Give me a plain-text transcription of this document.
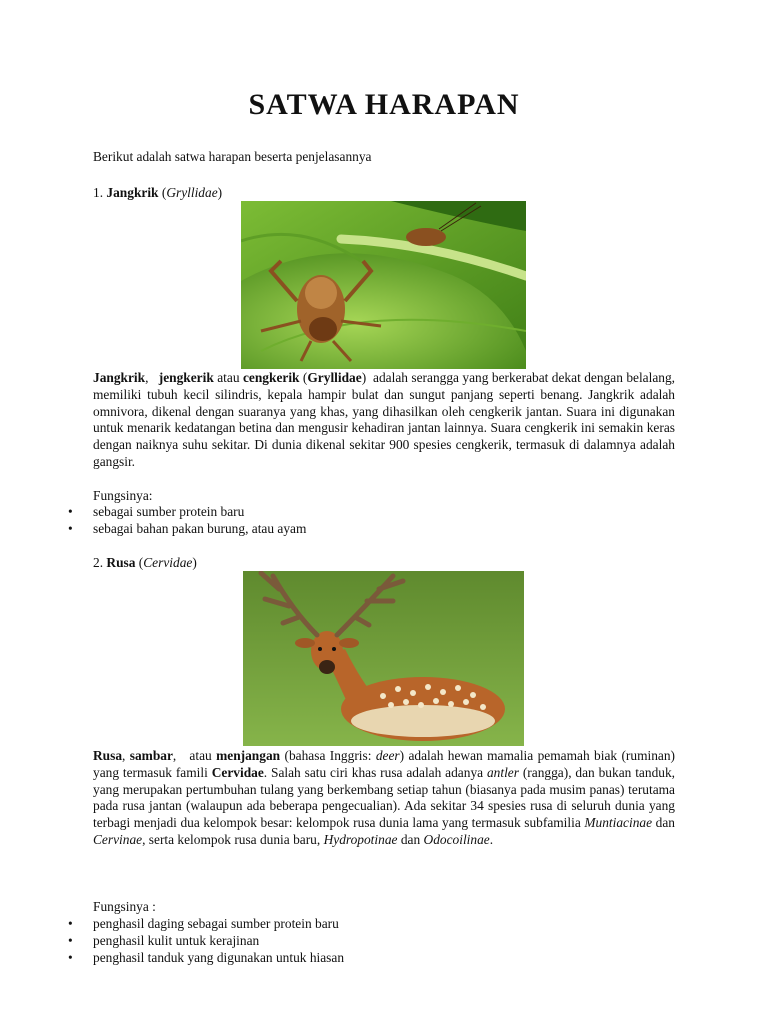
SATWA HARAPAN

Berikut adalah satwa harapan beserta penjelasannya

1. Jangkrik (Gryllidae)

Jangkrik,   jengkerik atau cengkerik (Gryllidae)  adalah serangga yang berkerabat dekat dengan belalang, memiliki tubuh kecil silindris, kepala hampir bulat dan sungut panjang seperti benang. Jangkrik adalah omnivora, dikenal dengan suaranya yang khas, yang dihasilkan oleh cengkerik jantan. Suara ini digunakan untuk menarik kedatangan betina dan mengusir kehadiran jantan lainnya. Suara cengkerik ini semakin keras dengan naiknya suhu sekitar. Di dunia dikenal sekitar 900 spesies cengkerik, termasuk di dalamnya adalah gangsir.

Fungsinya:

• sebagai sumber protein baru
• sebagai bahan pakan burung, atau ayam

2. Rusa (Cervidae)

Rusa, sambar,   atau menjangan (bahasa Inggris: deer) adalah hewan mamalia pemamah biak (ruminan) yang termasuk famili Cervidae. Salah satu ciri khas rusa adalah adanya antler (rangga), dan bukan tanduk, yang merupakan pertumbuhan tulang yang berkembang setiap tahun (biasanya pada musim panas) terutama pada rusa jantan (walaupun ada beberapa pengecualian). Ada sekitar 34 spesies rusa di seluruh dunia yang terbagi menjadi dua kelompok besar: kelompok rusa dunia lama yang termasuk subfamilia Muntiacinae dan Cervinae, serta kelompok rusa dunia baru, Hydropotinae dan Odocoilinae.

Fungsinya :

• penghasil daging sebagai sumber protein baru
• penghasil kulit untuk kerajinan
• penghasil tanduk yang digunakan untuk hiasan
